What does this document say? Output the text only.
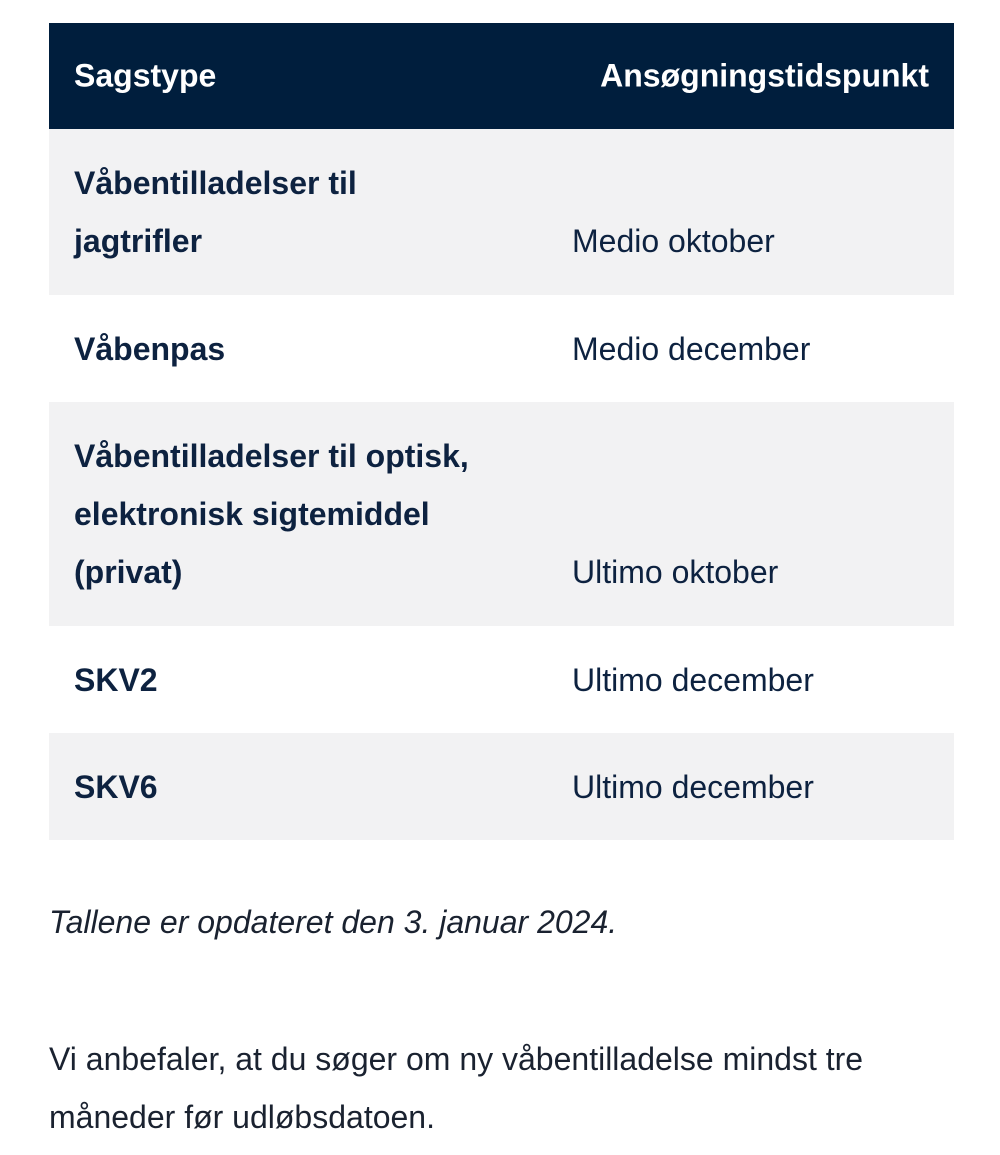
Sagstype	Ansøgningstidspunkt
Våbentilladelser til
jagtrifler	Medio oktober
Våbenpas	Medio december
Våbentilladelser til optisk,
elektronisk sigtemiddel
(privat)	Ultimo oktober
SKV2	Ultimo december
SKV6	Ultimo december
Tallene er opdateret den 3. januar 2024.
Vi anbefaler, at du søger om ny våbentilladelse mindst tre
måneder før udløbsdatoen.
